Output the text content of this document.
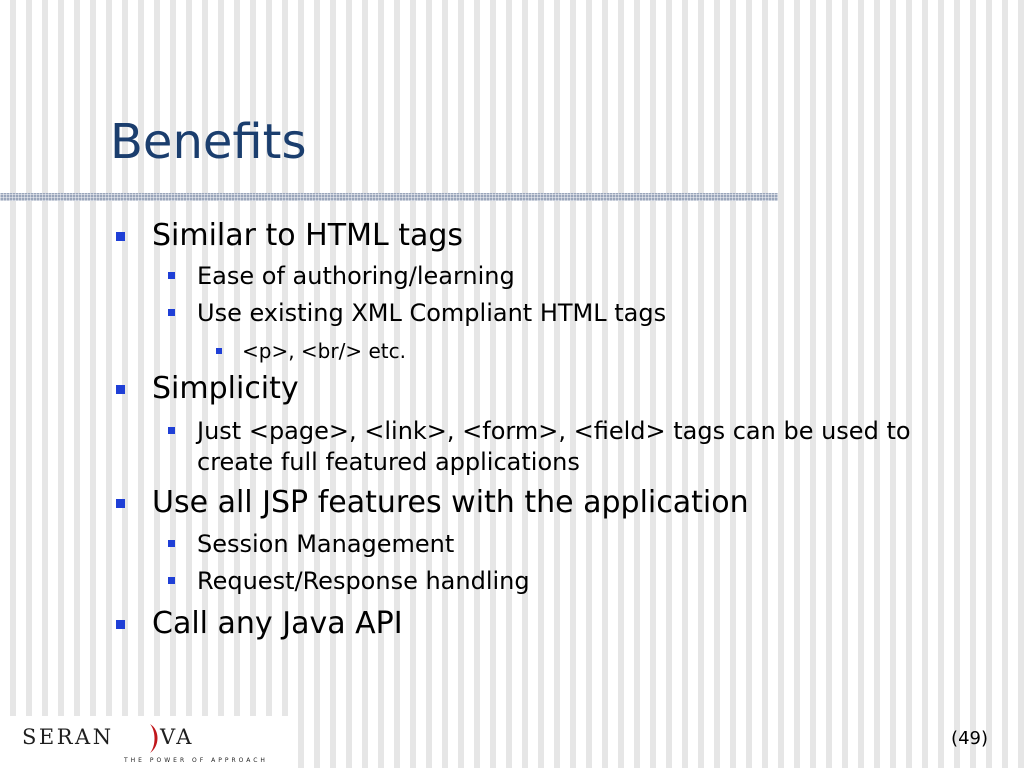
Benefits

Similar to HTML tags

Ease of authoring/learning

Use existing XML Compliant HTML tags

<p>, <br/> etc.

Simplicity

Just <page>, <link>, <form>, <field> tags can be used to create full featured applications

Use all JSP features with the application

Session Management

Request/Response handling

Call any Java API

SERAN VA
THE POWER OF APPROACH
(49)
